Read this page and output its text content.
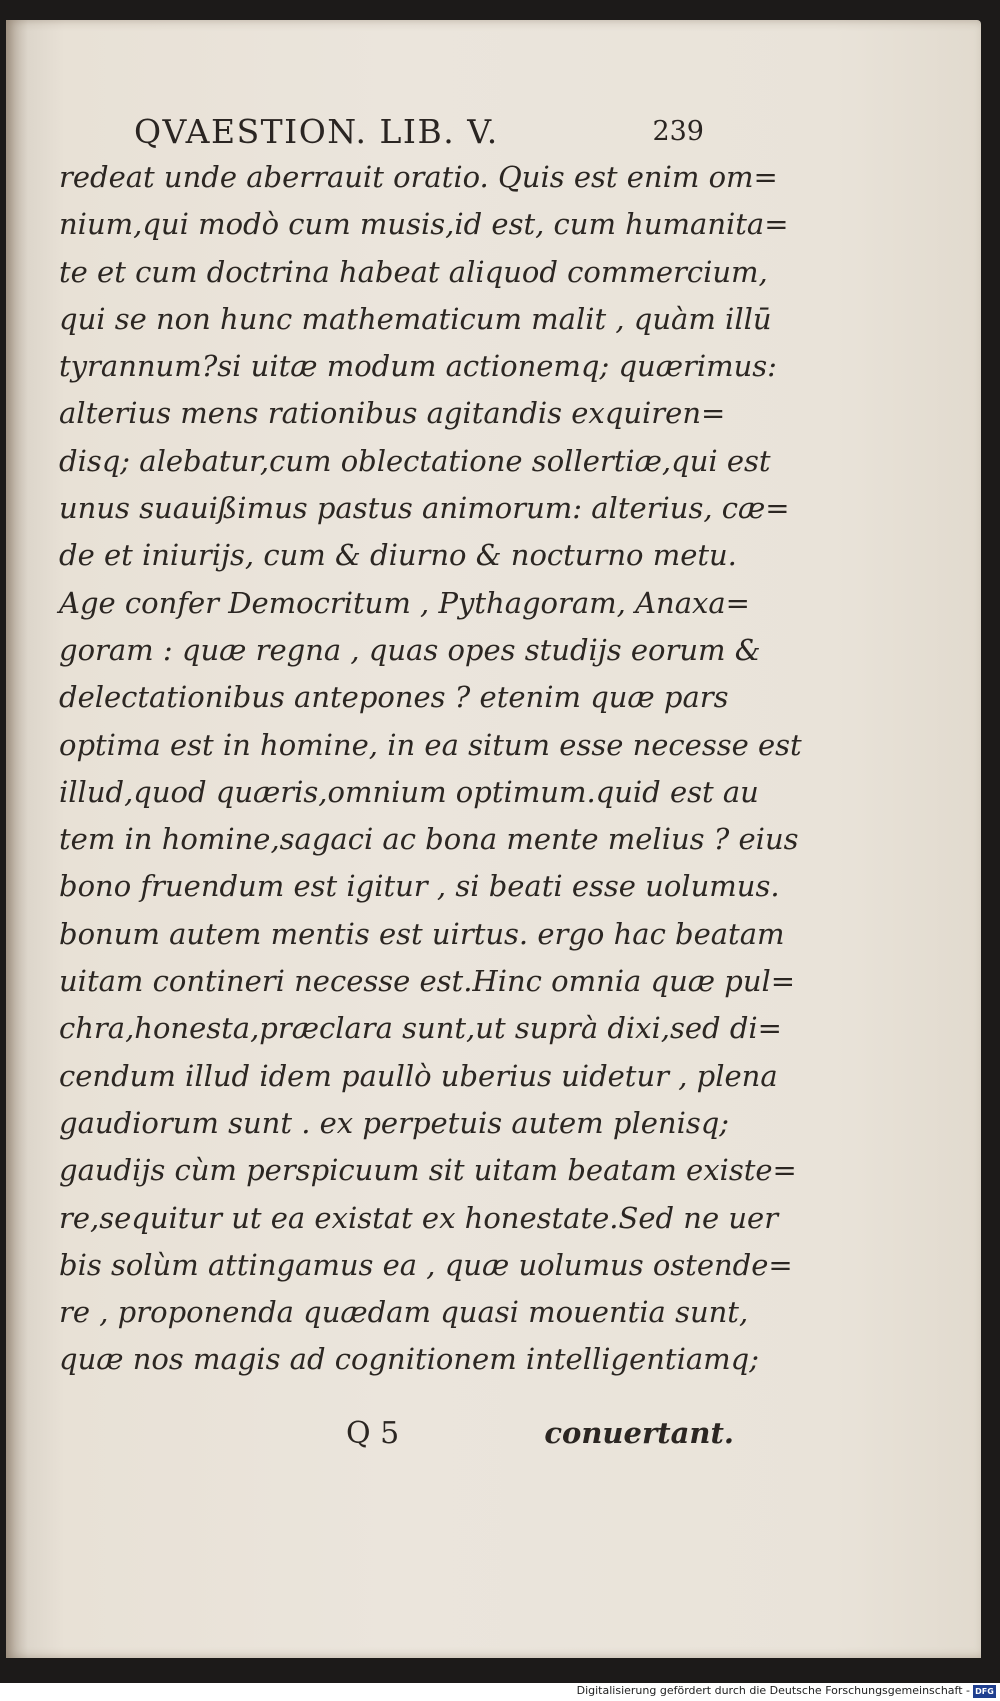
QVAESTION. LIB. V.	239
redeat unde aberrauit oratio. Quis est enim om=
nium,qui modò cum musis,id est, cum humanita=
te et cum doctrina habeat aliquod commercium,
qui se non hunc mathematicum malit , quàm illū
tyrannum?si uitæ modum actionemq; quærimus:
alterius mens rationibus agitandis exquiren=
disq; alebatur,cum oblectatione sollertiæ,qui est
unus suauißimus pastus animorum: alterius, cæ=
de et iniurijs, cum & diurno & nocturno metu.
Age confer Democritum , Pythagoram, Anaxa=
goram : quæ regna , quas opes studijs eorum &
delectationibus antepones ? etenim quæ pars
optima est in homine, in ea situm esse necesse est
illud,quod quæris,omnium optimum.quid est au
tem in homine,sagaci ac bona mente melius ? eius
bono fruendum est igitur , si beati esse uolumus.
bonum autem mentis est uirtus. ergo hac beatam
uitam contineri necesse est.Hinc omnia quæ pul=
chra,honesta,præclara sunt,ut suprà dixi,sed di=
cendum illud idem paullò uberius uidetur , plena
gaudiorum sunt . ex perpetuis autem plenisq;
gaudijs cùm perspicuum sit uitam beatam existe=
re,sequitur ut ea existat ex honestate.Sed ne uer
bis solùm attingamus ea , quæ uolumus ostende=
re , proponenda quædam quasi mouentia sunt,
quæ nos magis ad cognitionem intelligentiamq;
Q 5	conuertant.
Digitalisierung gefördert durch die Deutsche Forschungsgemeinschaft - DFG
